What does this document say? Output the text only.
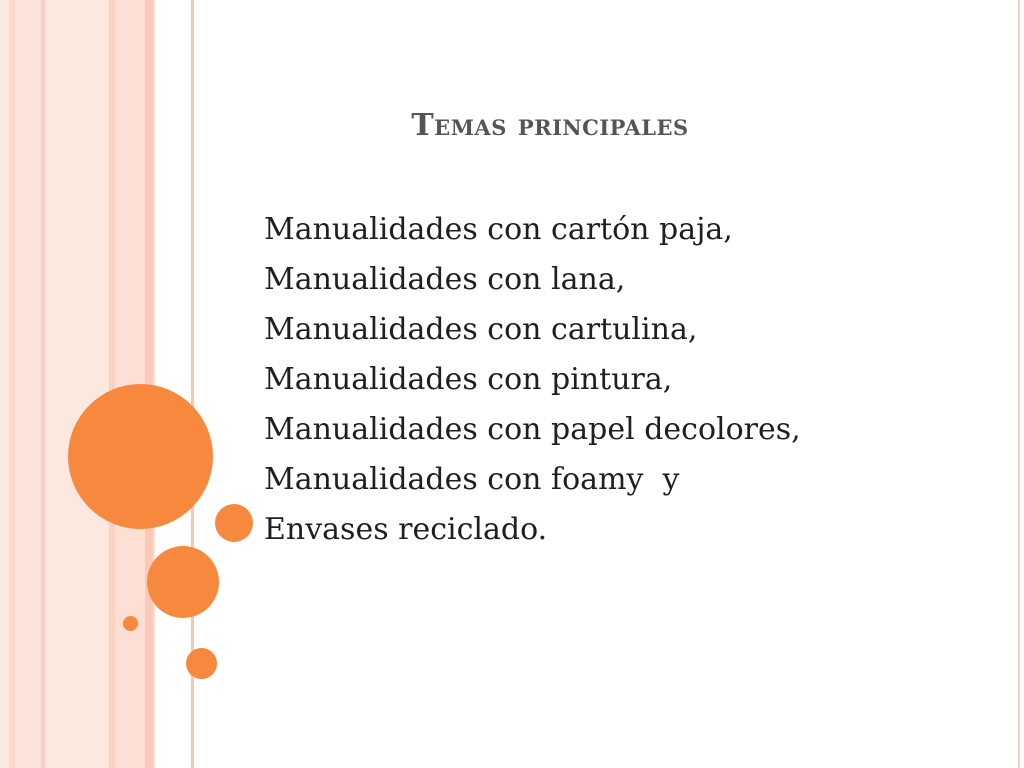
Temas principales
Manualidades con cartón paja,
Manualidades con lana,
Manualidades con cartulina,
Manualidades con pintura,
Manualidades con papel decolores,
Manualidades con foamy  y
Envases reciclado.
